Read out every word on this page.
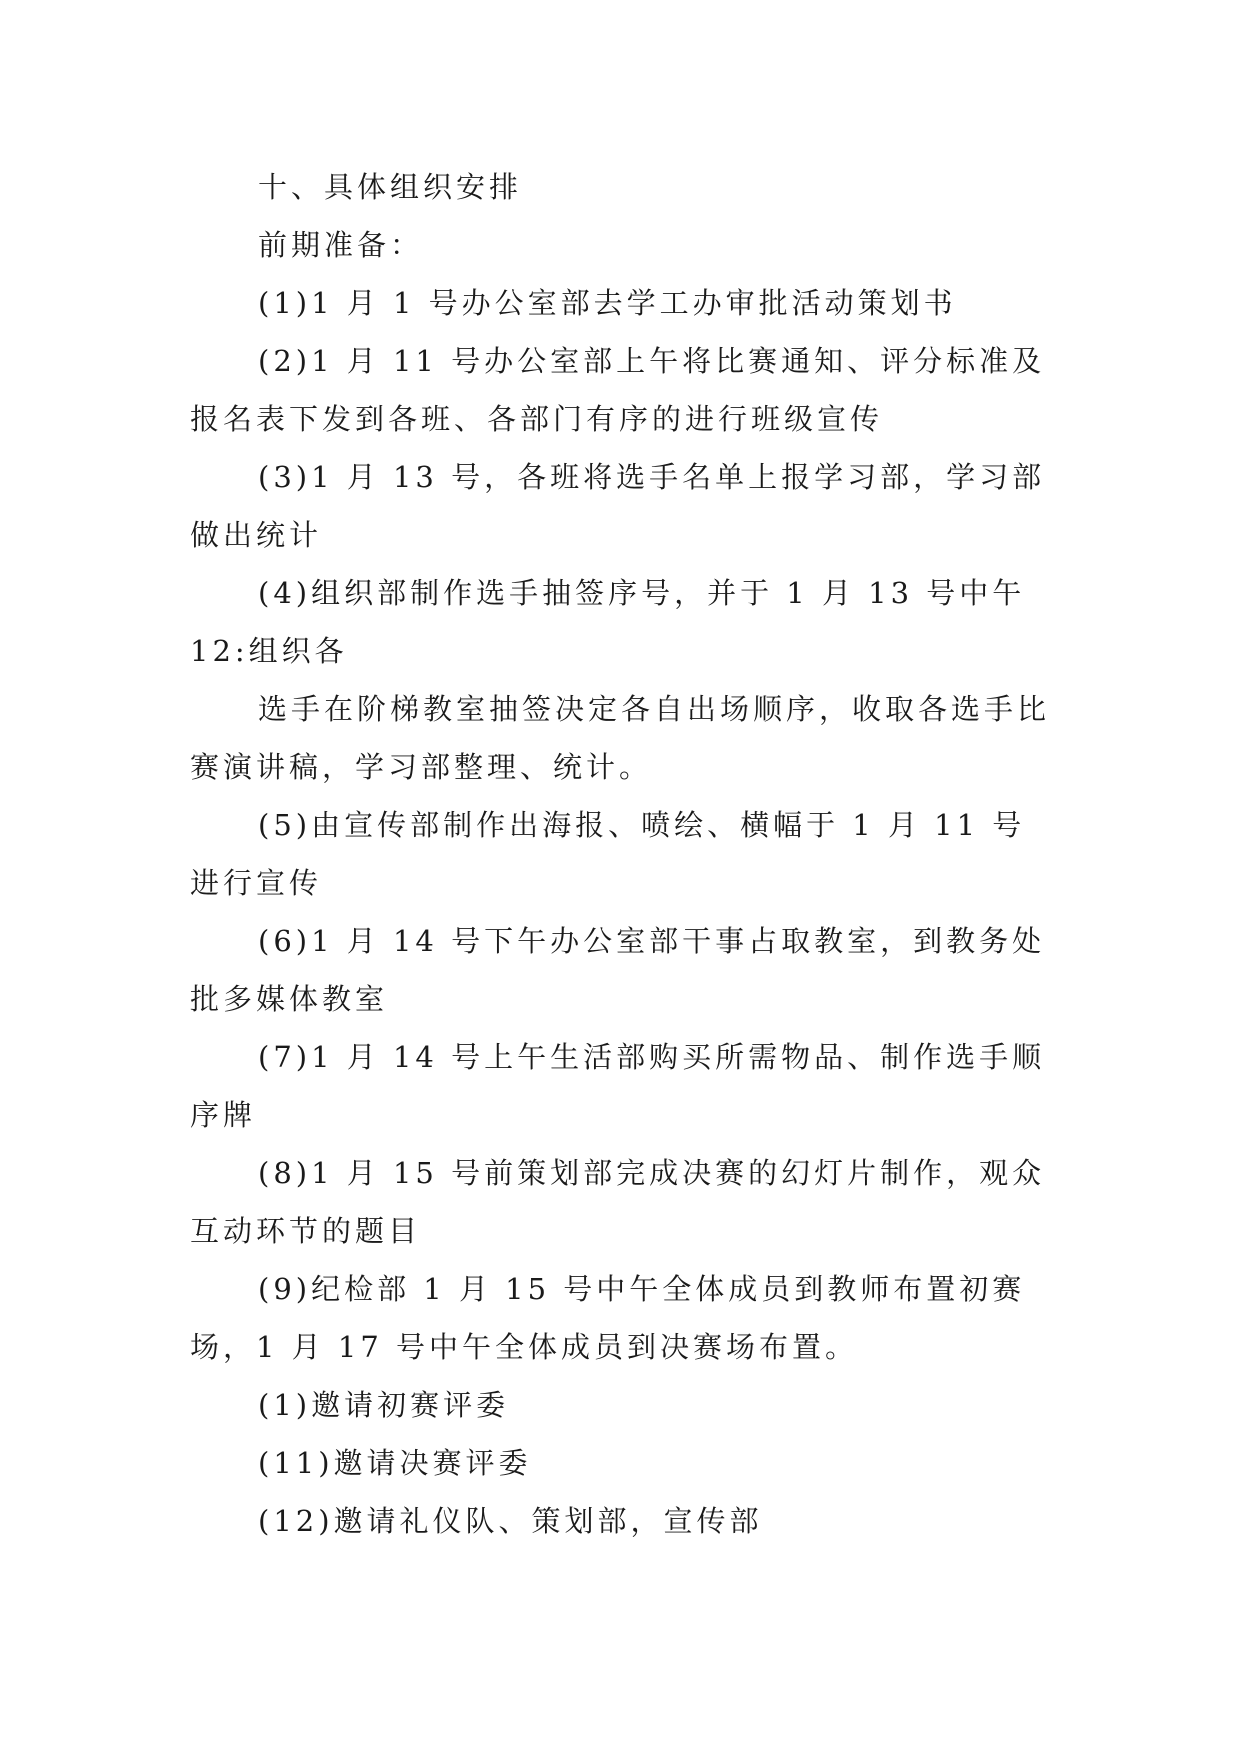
十、具体组织安排

前期准备：

(1)1 月 1 号办公室部去学工办审批活动策划书

(2)1 月 11 号办公室部上午将比赛通知、评分标准及报名表下发到各班、各部门有序的进行班级宣传

(3)1 月 13 号，各班将选手名单上报学习部，学习部做出统计

(4)组织部制作选手抽签序号，并于 1 月 13 号中午 12:组织各

选手在阶梯教室抽签决定各自出场顺序，收取各选手比赛演讲稿，学习部整理、统计。

(5)由宣传部制作出海报、喷绘、横幅于 1 月 11 号进行宣传

(6)1 月 14 号下午办公室部干事占取教室，到教务处批多媒体教室

(7)1 月 14 号上午生活部购买所需物品、制作选手顺序牌

(8)1 月 15 号前策划部完成决赛的幻灯片制作，观众互动环节的题目

(9)纪检部 1 月 15 号中午全体成员到教师布置初赛场，1 月 17 号中午全体成员到决赛场布置。

(1)邀请初赛评委

(11)邀请决赛评委

(12)邀请礼仪队、策划部，宣传部
